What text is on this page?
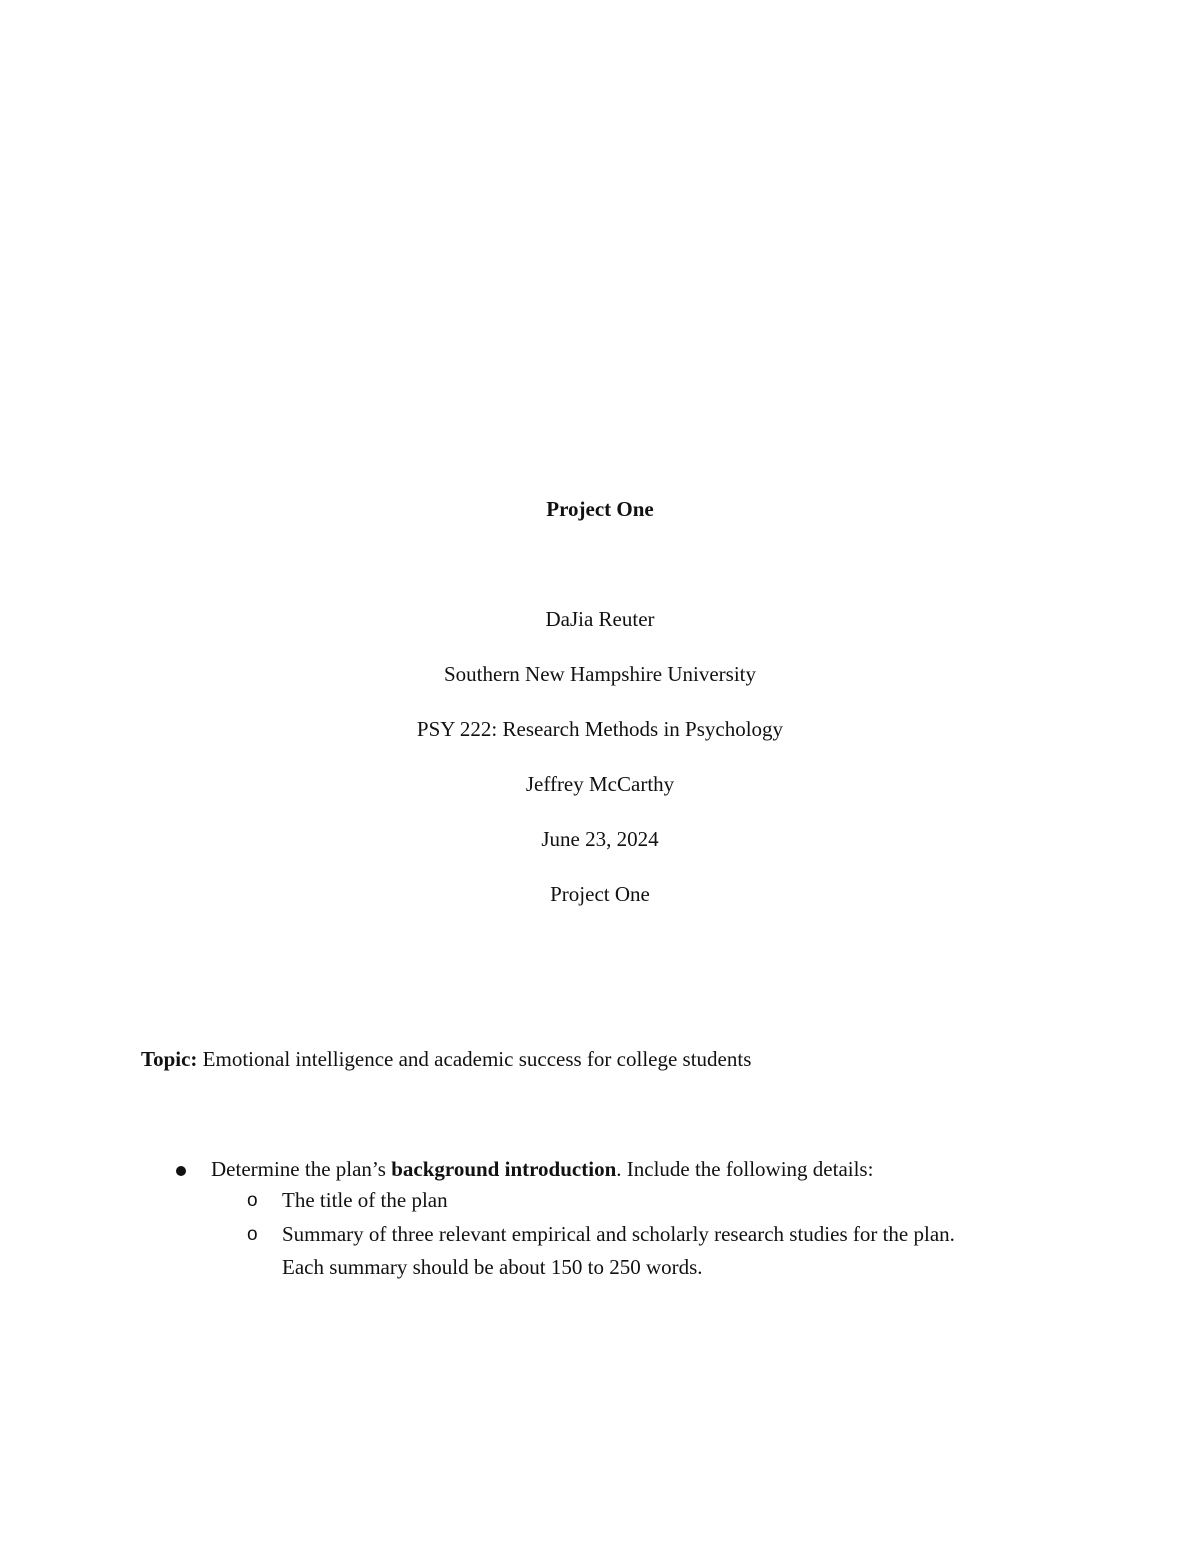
Project One
DaJia Reuter
Southern New Hampshire University
PSY 222: Research Methods in Psychology
Jeffrey McCarthy
June 23, 2024
Project One
Topic: Emotional intelligence and academic success for college students
Determine the plan’s background introduction. Include the following details:
o The title of the plan
o Summary of three relevant empirical and scholarly research studies for the plan.
Each summary should be about 150 to 250 words.
